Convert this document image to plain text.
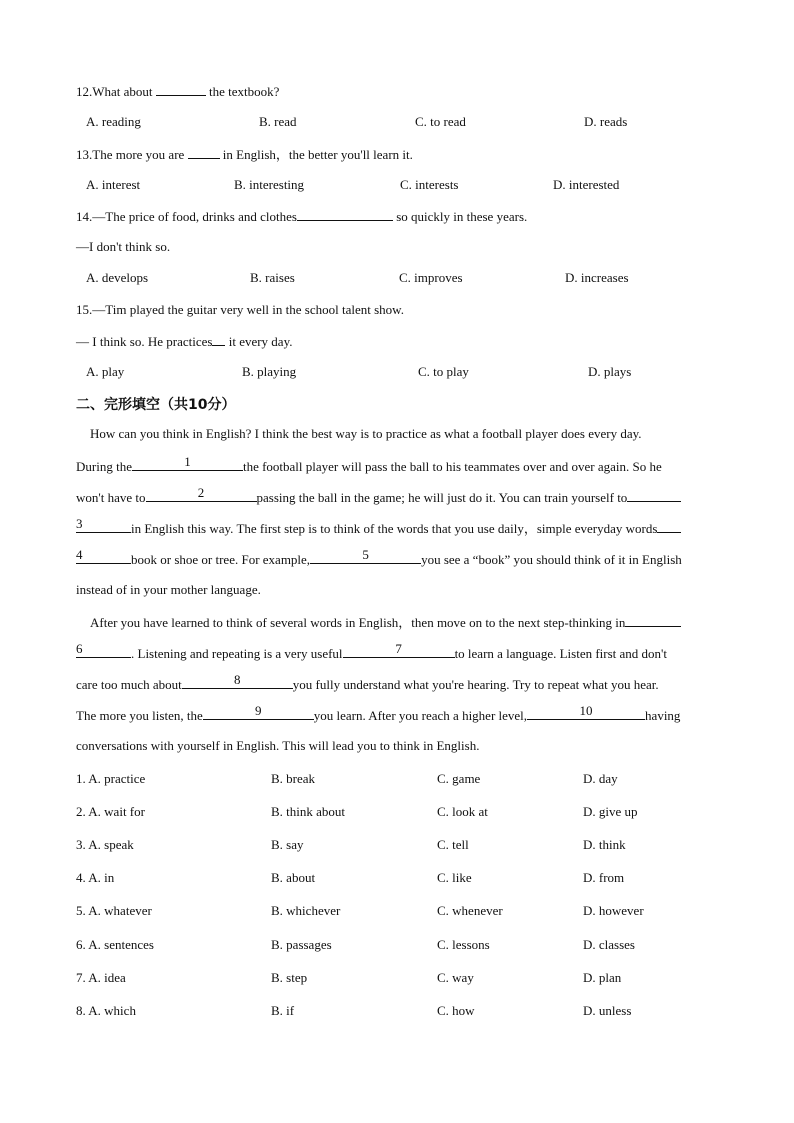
12.What about	the textbook?
A. reading	B. read	C. to read	D. reads
13.The more you are  in English，the better you'll learn it.
A. interest	B. interesting	C. interests	D. interested
14.—The price of food, drinks and clothes	so quickly in these years.
—I don't think so.
A. develops	B. raises	C. improves	D. increases
15.—Tim played the guitar very well in the school talent show.
— I think so. He practices it every day.
A. play	B. playing	C. to play	D. plays
二、完形填空（共10分）
How can you think in English? I think the best way is to practice as what a football player does every day.
During the	1	the football player will pass the ball to his teammates over and over again. So he
won't have to	2	passing the ball in the game; he will just do it. You can train yourself to
3	in English this way. The first step is to think of the words that you use daily，simple everyday words
4	book or shoe or tree. For example,	5	you see a “book” you should think of it in English
instead of in your mother language.
After you have learned to think of several words in English，then move on to the next step-thinking in
6	. Listening and repeating is a very useful	7	to learn a language. Listen first and don't
care too much about	8	you fully understand what you're hearing. Try to repeat what you hear.
The more you listen, the	9	you learn. After you reach a higher level,	10	having
conversations with yourself in English. This will lead you to think in English.
1. A. practice	B. break	C. game	D. day
2. A. wait for	B. think about	C. look at	D. give up
3. A. speak	B. say	C. tell	D. think
4. A. in	B. about	C. like	D. from
5. A. whatever	B. whichever	C. whenever	D. however
6. A. sentences	B. passages	C. lessons	D. classes
7. A. idea	B. step	C. way	D. plan
8. A. which	B. if	C. how	D. unless
